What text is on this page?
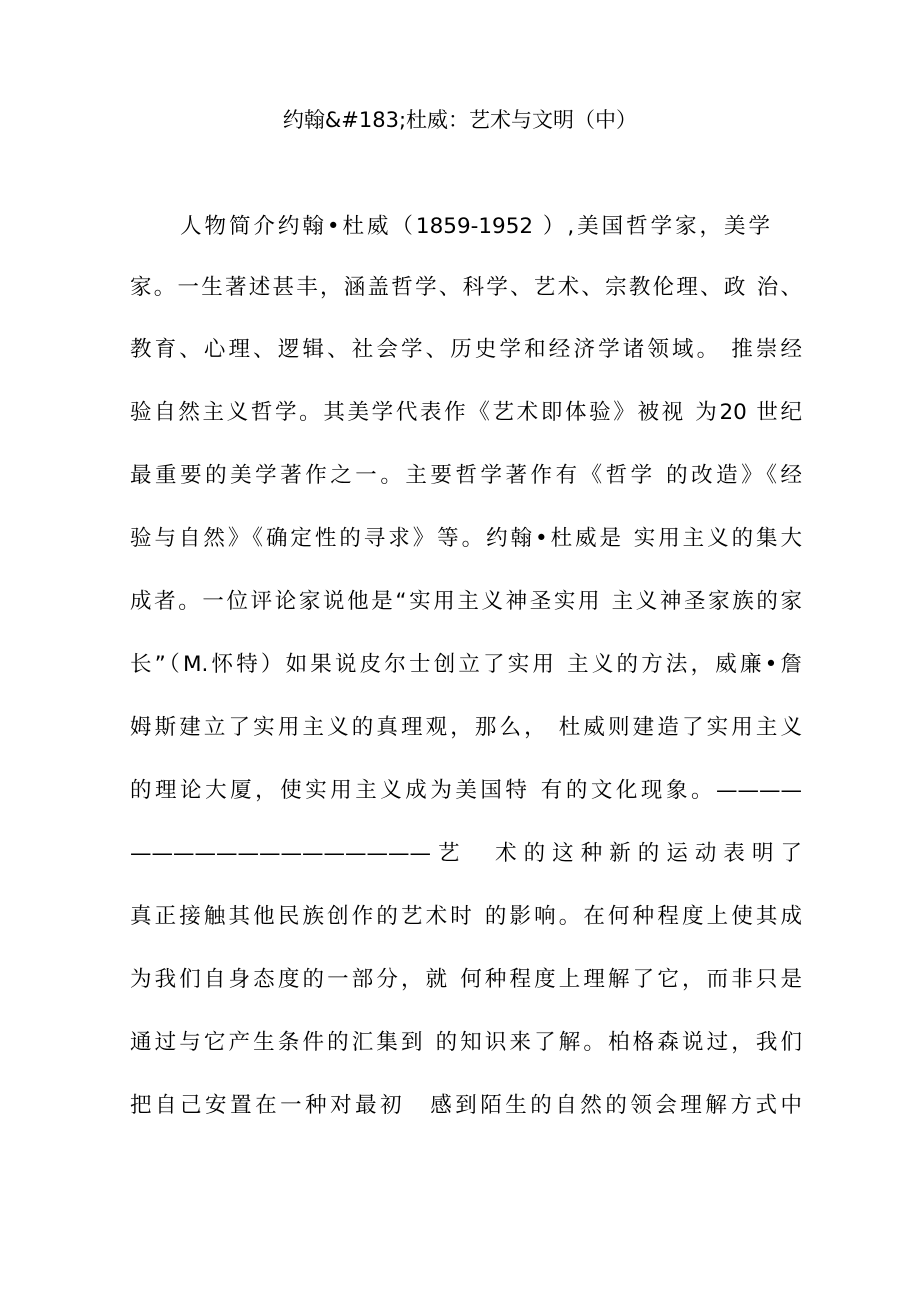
约翰&#183;杜威：艺术与文明（中）
人物简介约翰•杜威（1859-1952 ）,美国哲学家，美学
家。一生著述甚丰，涵盖哲学、科学、艺术、宗教伦理、政 治、
教育、心理、逻辑、社会学、历史学和经济学诸领域。 推崇经
验自然主义哲学。其美学代表作《艺术即体验》被视 为20 世纪
最重要的美学著作之一。主要哲学著作有《哲学 的改造》《经
验与自然》《确定性的寻求》等。约翰•杜威是 实用主义的集大
成者。一位评论家说他是“实用主义神圣实用 主义神圣家族的家
长”（M.怀特）如果说皮尔士创立了实用 主义的方法，威廉•詹
姆斯建立了实用主义的真理观，那么， 杜威则建造了实用主义
的理论大厦，使实用主义成为美国特 有的文化现象。————
——————————————艺　术的这种新的运动表明了
真正接触其他民族创作的艺术时 的影响。在何种程度上使其成
为我们自身态度的一部分，就 何种程度上理解了它，而非只是
通过与它产生条件的汇集到 的知识来了解。柏格森说过，我们
把自己安置在一种对最初　感到陌生的自然的领会理解方式中
